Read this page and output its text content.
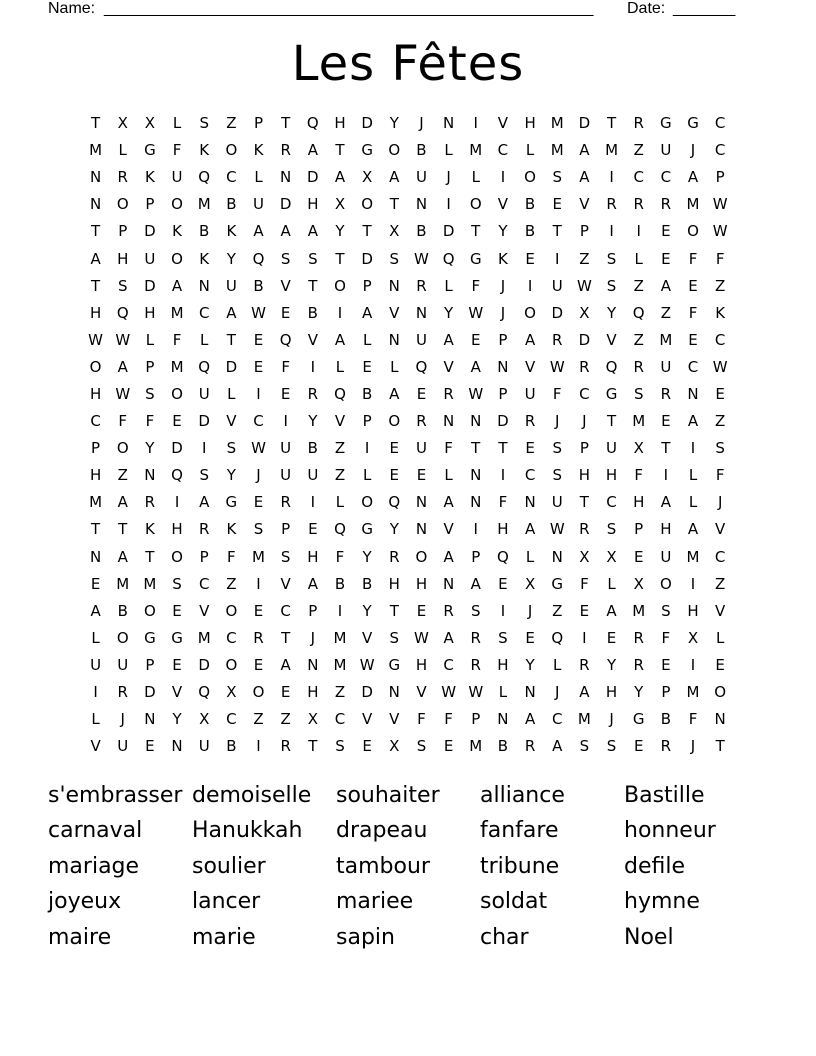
Name: _______________________________________________________ Date: _______
Les Fêtes
T	X	X	L	S	Z	P	T	Q	H	D	Y	J	N	I	V	H	M D	T	R	G	G	C
M	L	G	F	K	O	K	R	A	T	G	O	B	L	M	C	L	M	A	M	Z	U	J	C
N	R	K	U	Q	C	L	N	D	A	X	A	U	J	L	I	O	S	A	I	C	C	A	P
N	O	P	O M	B	U	D	H	X	O	T	N	I	O	V	B	E	V	R	R	R	M W
T	P	D	K	B	K	A	A	A	Y	T	X	B	D	T	Y	B	T	P	I	I	E	O W
A	H	U	O	K	Y	Q	S	S	T	D	S W Q	G	K	E	I	Z	S	L	E	F	F
T	S	D	A	N	U	B	V	T	O	P	N	R	L	F	J	I	U W S	Z	A	E	Z
H	Q	H	M	C	A W E	B	I	A	V	N	Y	W	J	O	D	X	Y	Q	Z	F	K
W W	L	F	L	T	E	Q	V	A	L	N	U	A	E	P	A	R	D	V	Z	M	E	C
O	A	P	M Q	D	E	F	I	L	E	L	Q	V	A	N	V W R	Q	R	U	C W
H W S	O	U	L	I	E	R	Q	B	A	E	R W	P	U	F	C	G	S	R	N	E
C	F	F	E	D	V	C	I	Y	V	P	O	R	N	N	D	R	J	J	T	M	E	A	Z
P	O	Y	D	I	S W U	B	Z	I	E	U	F	T	T	E	S	P	U	X	T	I	S
H	Z	N	Q	S	Y	J	U	U	Z	L	E	E	L	N	I	C	S	H	H	F	I	L	F
M	A	R	I	A	G	E	R	I	L	O	Q	N	A	N	F	N	U	T	C	H	A	L	J
T	T	K	H	R	K	S	P	E	Q	G	Y	N	V	I	H	A W R	S	P	H	A	V
N	A	T	O	P	F	M	S	H	F	Y	R	O	A	P	Q	L	N	X	X	E	U	M	C
E	M M	S	C	Z	I	V	A	B	B	H	H	N	A	E	X	G	F	L	X	O	I	Z
A	B	O	E	V	O	E	C	P	I	Y	T	E	R	S	I	J	Z	E	A	M	S	H	V
L	O	G	G M	C	R	T	J	M	V	S W A	R	S	E	Q	I	E	R	F	X	L
U	U	P	E	D	O	E	A	N	M W G	H	C	R	H	Y	L	R	Y	R	E	I	E
I	R	D	V	Q	X	O	E	H	Z	D	N	V W W	L	N	J	A	H	Y	P	M O
L	J	N	Y	X	C	Z	Z	X	C	V	V	F	F	P	N	A	C	M	J	G	B	F	N
V	U	E	N	U	B	I	R	T	S	E	X	S	E	M	B	R	A	S	S	E	R	J	T
s'embrasser demoiselle	souhaiter	alliance	Bastille
carnaval	Hanukkah	drapeau	fanfare	honneur
mariage	soulier	tambour	tribune	defile
joyeux	lancer	mariee	soldat	hymne
maire	marie	sapin	char	Noel
